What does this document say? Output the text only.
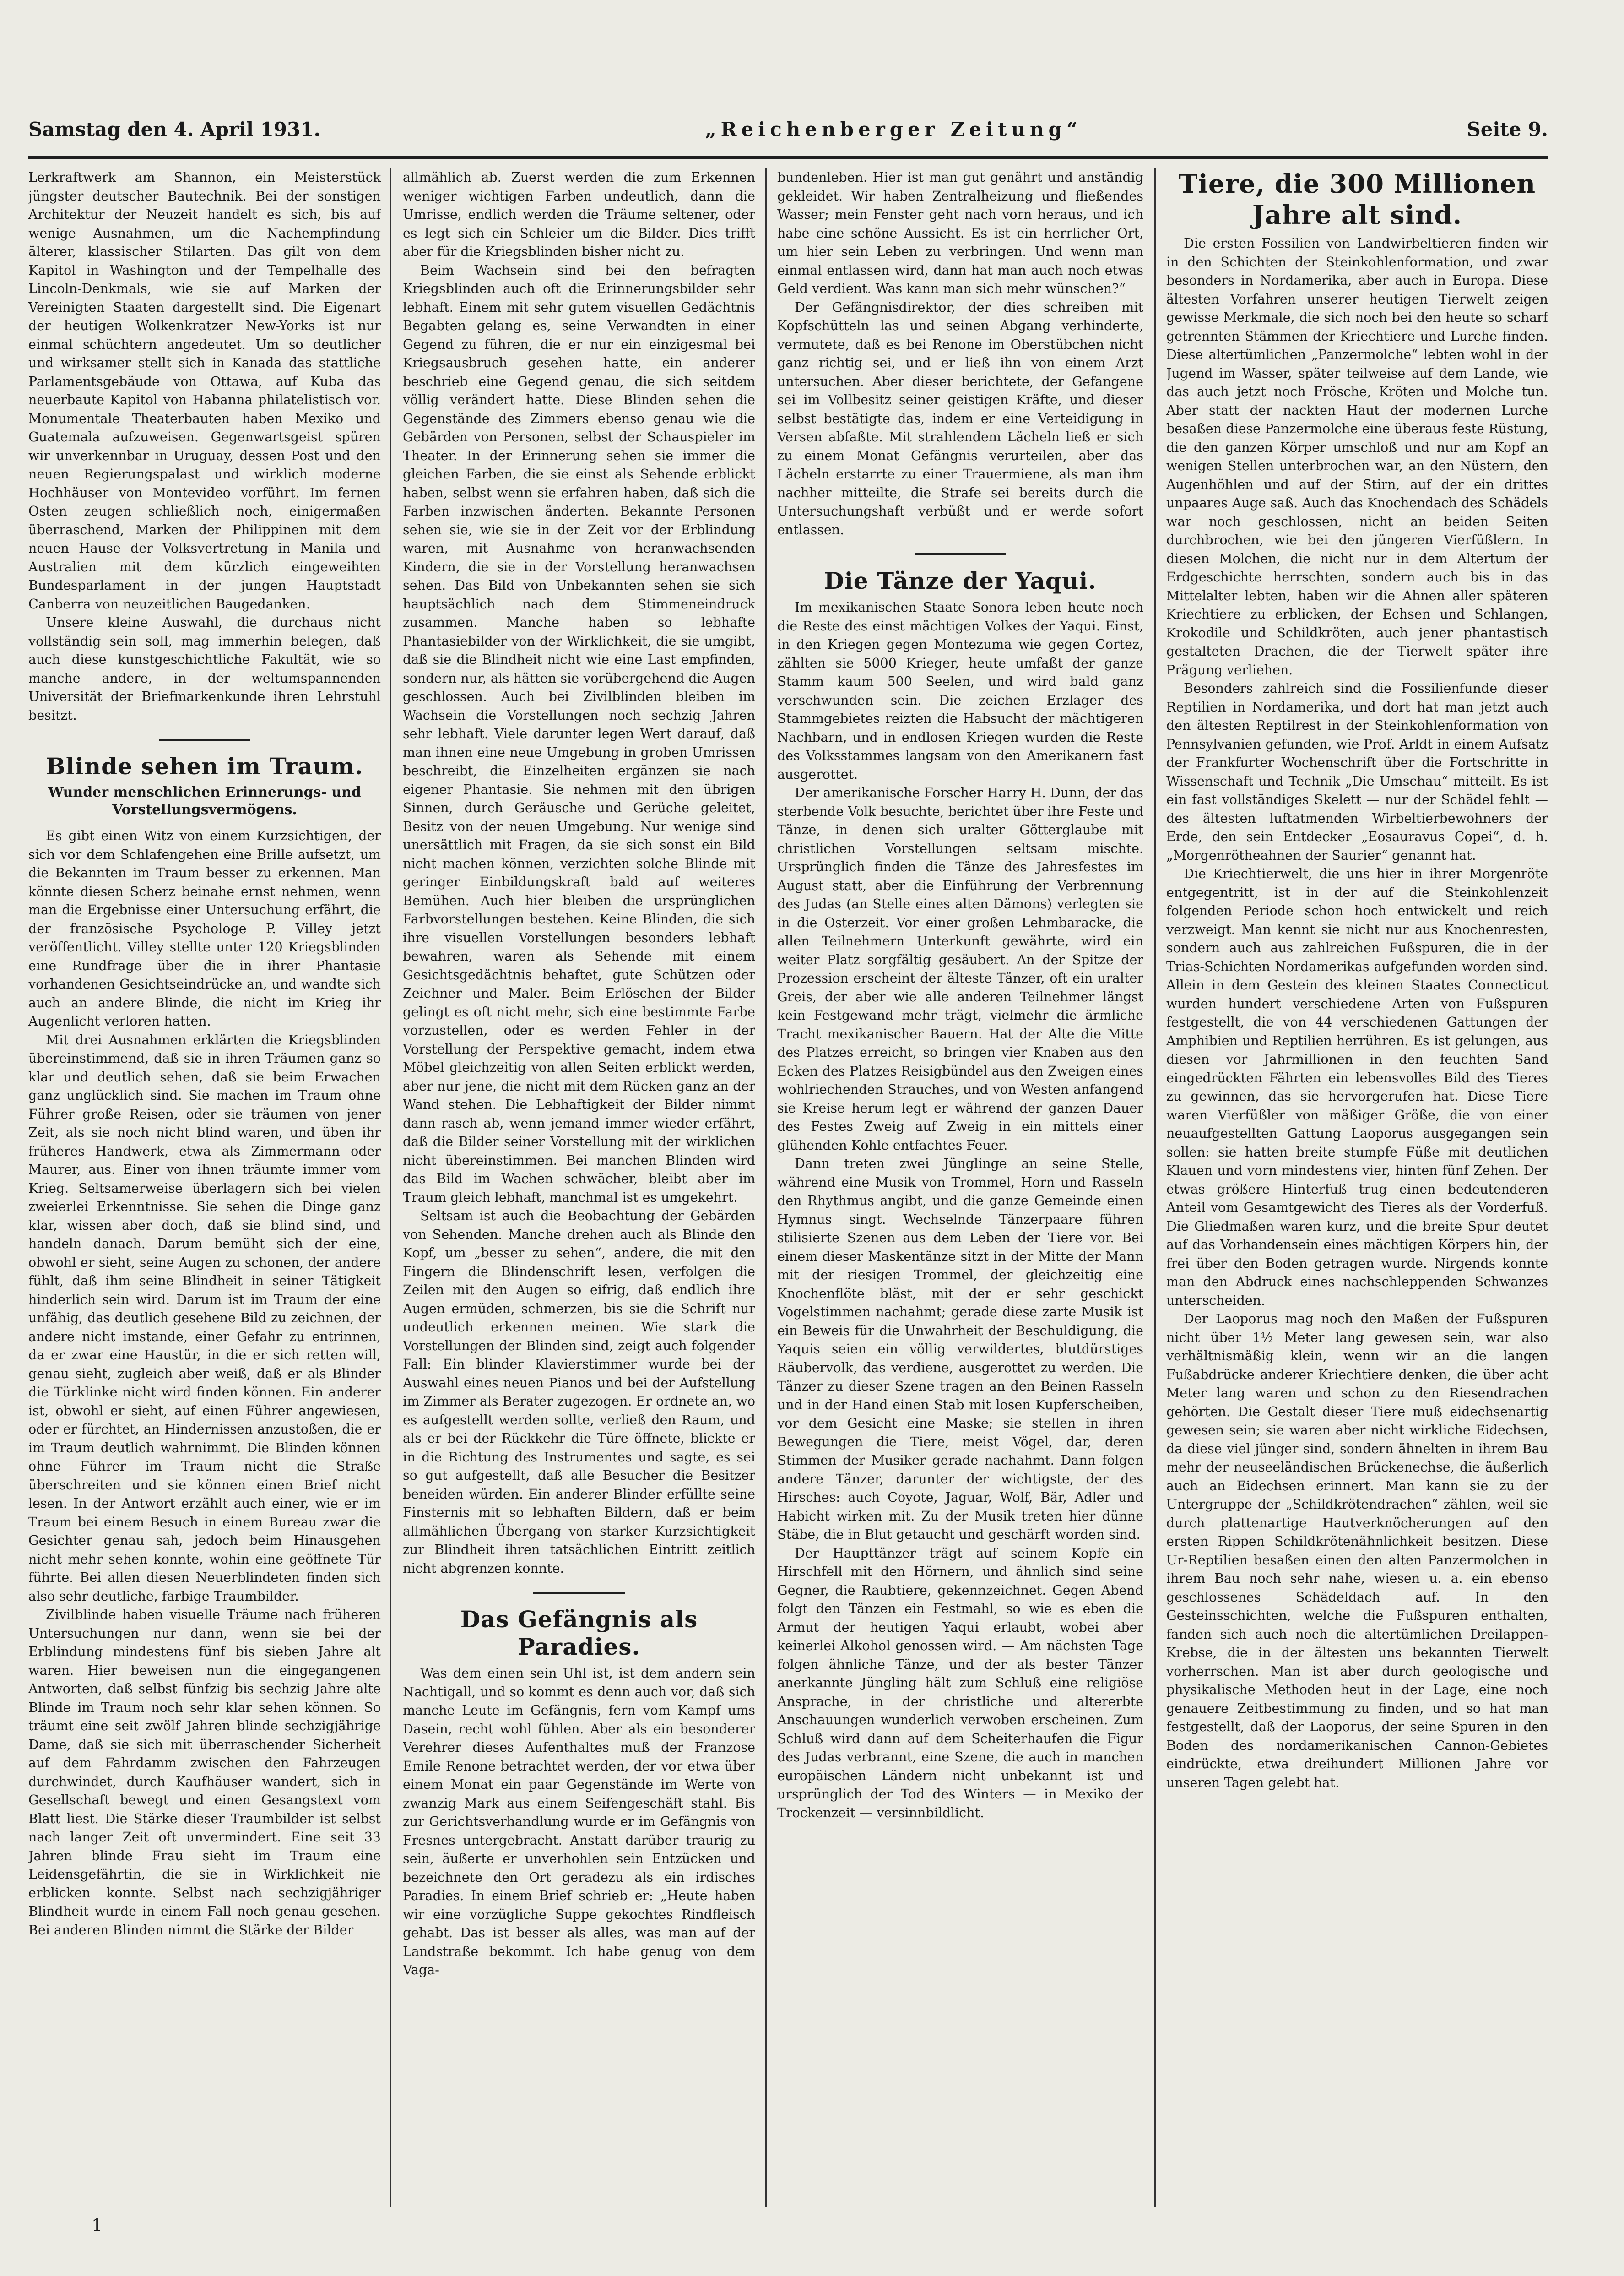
Samstag den 4. April 1931.	„Reichenberger Zeitung“	Seite 9.

Lerkraftwerk am Shannon, ein Meisterstück jüngster deutscher Bautechnik. Bei der sonstigen Architektur der Neuzeit handelt es sich, bis auf wenige Ausnahmen, um die Nachempfindung älterer, klassischer Stilarten. Das gilt von dem Kapitol in Washington und der Tempelhalle des Lincoln-Denkmals, wie sie auf Marken der Vereinigten Staaten dargestellt sind. Die Eigenart der heutigen Wolkenkratzer New-Yorks ist nur einmal schüchtern angedeutet. Um so deutlicher und wirksamer stellt sich in Kanada das stattliche Parlamentsgebäude von Ottawa, auf Kuba das neuerbaute Kapitol von Habanna philatelistisch vor. Monumentale Theaterbauten haben Mexiko und Guatemala aufzuweisen. Gegenwartsgeist spüren wir unverkennbar in Uruguay, dessen Post und den neuen Regierungspalast und wirklich moderne Hochhäuser von Montevideo vorführt. Im fernen Osten zeugen schließlich noch, einigermaßen überraschend, Marken der Philippinen mit dem neuen Hause der Volksvertretung in Manila und Australien mit dem kürzlich eingeweihten Bundesparlament in der jungen Hauptstadt Canberra von neuzeitlichen Baugedanken.

Unsere kleine Auswahl, die durchaus nicht vollständig sein soll, mag immerhin belegen, daß auch diese kunstgeschichtliche Fakultät, wie so manche andere, in der weltumspannenden Universität der Briefmarkenkunde ihren Lehrstuhl besitzt.

Blinde sehen im Traum.
Wunder menschlichen Erinnerungs- und Vorstellungsvermögens.

Es gibt einen Witz von einem Kurzsichtigen, der sich vor dem Schlafengehen eine Brille aufsetzt, um die Bekannten im Traum besser zu erkennen. Man könnte diesen Scherz beinahe ernst nehmen, wenn man die Ergebnisse einer Untersuchung erfährt, die der französische Psychologe P. Villey jetzt veröffentlicht. Villey stellte unter 120 Kriegsblinden eine Rundfrage über die in ihrer Phantasie vorhandenen Gesichtseindrücke an, und wandte sich auch an andere Blinde, die nicht im Krieg ihr Augenlicht verloren hatten.

Mit drei Ausnahmen erklärten die Kriegsblinden übereinstimmend, daß sie in ihren Träumen ganz so klar und deutlich sehen, daß sie beim Erwachen ganz unglücklich sind. Sie machen im Traum ohne Führer große Reisen, oder sie träumen von jener Zeit, als sie noch nicht blind waren, und üben ihr früheres Handwerk, etwa als Zimmermann oder Maurer, aus. Einer von ihnen träumte immer vom Krieg. Seltsamerweise überlagern sich bei vielen zweierlei Erkenntnisse. Sie sehen die Dinge ganz klar, wissen aber doch, daß sie blind sind, und handeln danach. Darum bemüht sich der eine, obwohl er sieht, seine Augen zu schonen, der andere fühlt, daß ihm seine Blindheit in seiner Tätigkeit hinderlich sein wird. Darum ist im Traum der eine unfähig, das deutlich gesehene Bild zu zeichnen, der andere nicht imstande, einer Gefahr zu entrinnen, da er zwar eine Haustür, in die er sich retten will, genau sieht, zugleich aber weiß, daß er als Blinder die Türklinke nicht wird finden können. Ein anderer ist, obwohl er sieht, auf einen Führer angewiesen, oder er fürchtet, an Hindernissen anzustoßen, die er im Traum deutlich wahrnimmt. Die Blinden können ohne Führer im Traum nicht die Straße überschreiten und sie können einen Brief nicht lesen. In der Antwort erzählt auch einer, wie er im Traum bei einem Besuch in einem Bureau zwar die Gesichter genau sah, jedoch beim Hinausgehen nicht mehr sehen konnte, wohin eine geöffnete Tür führte. Bei allen diesen Neuerblindeten finden sich also sehr deutliche, farbige Traumbilder.

Zivilblinde haben visuelle Träume nach früheren Untersuchungen nur dann, wenn sie bei der Erblindung mindestens fünf bis sieben Jahre alt waren. Hier beweisen nun die eingegangenen Antworten, daß selbst fünfzig bis sechzig Jahre alte Blinde im Traum noch sehr klar sehen können. So träumt eine seit zwölf Jahren blinde sechzigjährige Dame, daß sie sich mit überraschender Sicherheit auf dem Fahrdamm zwischen den Fahrzeugen durchwindet, durch Kaufhäuser wandert, sich in Gesellschaft bewegt und einen Gesangstext vom Blatt liest. Die Stärke dieser Traumbilder ist selbst nach langer Zeit oft unvermindert. Eine seit 33 Jahren blinde Frau sieht im Traum eine Leidensgefährtin, die sie in Wirklichkeit nie erblicken konnte. Selbst nach sechzigjähriger Blindheit wurde in einem Fall noch genau gesehen. Bei anderen Blinden nimmt die Stärke der Bilder

allmählich ab. Zuerst werden die zum Erkennen weniger wichtigen Farben undeutlich, dann die Umrisse, endlich werden die Träume seltener, oder es legt sich ein Schleier um die Bilder. Dies trifft aber für die Kriegsblinden bisher nicht zu.

Beim Wachsein sind bei den befragten Kriegsblinden auch oft die Erinnerungsbilder sehr lebhaft. Einem mit sehr gutem visuellen Gedächtnis Begabten gelang es, seine Verwandten in einer Gegend zu führen, die er nur ein einzigesmal bei Kriegsausbruch gesehen hatte, ein anderer beschrieb eine Gegend genau, die sich seitdem völlig verändert hatte. Diese Blinden sehen die Gegenstände des Zimmers ebenso genau wie die Gebärden von Personen, selbst der Schauspieler im Theater. In der Erinnerung sehen sie immer die gleichen Farben, die sie einst als Sehende erblickt haben, selbst wenn sie erfahren haben, daß sich die Farben inzwischen änderten. Bekannte Personen sehen sie, wie sie in der Zeit vor der Erblindung waren, mit Ausnahme von heranwachsenden Kindern, die sie in der Vorstellung heranwachsen sehen. Das Bild von Unbekannten sehen sie sich hauptsächlich nach dem Stimmeneindruck zusammen. Manche haben so lebhafte Phantasiebilder von der Wirklichkeit, die sie umgibt, daß sie die Blindheit nicht wie eine Last empfinden, sondern nur, als hätten sie vorübergehend die Augen geschlossen. Auch bei Zivilblinden bleiben im Wachsein die Vorstellungen noch sechzig Jahren sehr lebhaft. Viele darunter legen Wert darauf, daß man ihnen eine neue Umgebung in groben Umrissen beschreibt, die Einzelheiten ergänzen sie nach eigener Phantasie. Sie nehmen mit den übrigen Sinnen, durch Geräusche und Gerüche geleitet, Besitz von der neuen Umgebung. Nur wenige sind unersättlich mit Fragen, da sie sich sonst ein Bild nicht machen können, verzichten solche Blinde mit geringer Einbildungskraft bald auf weiteres Bemühen. Auch hier bleiben die ursprünglichen Farbvorstellungen bestehen. Keine Blinden, die sich ihre visuellen Vorstellungen besonders lebhaft bewahren, waren als Sehende mit einem Gesichtsgedächtnis behaftet, gute Schützen oder Zeichner und Maler. Beim Erlöschen der Bilder gelingt es oft nicht mehr, sich eine bestimmte Farbe vorzustellen, oder es werden Fehler in der Vorstellung der Perspektive gemacht, indem etwa Möbel gleichzeitig von allen Seiten erblickt werden, aber nur jene, die nicht mit dem Rücken ganz an der Wand stehen. Die Lebhaftigkeit der Bilder nimmt dann rasch ab, wenn jemand immer wieder erfährt, daß die Bilder seiner Vorstellung mit der wirklichen nicht übereinstimmen. Bei manchen Blinden wird das Bild im Wachen schwächer, bleibt aber im Traum gleich lebhaft, manchmal ist es umgekehrt.

Seltsam ist auch die Beobachtung der Gebärden von Sehenden. Manche drehen auch als Blinde den Kopf, um „besser zu sehen“, andere, die mit den Fingern die Blindenschrift lesen, verfolgen die Zeilen mit den Augen so eifrig, daß endlich ihre Augen ermüden, schmerzen, bis sie die Schrift nur undeutlich erkennen meinen. Wie stark die Vorstellungen der Blinden sind, zeigt auch folgender Fall: Ein blinder Klavierstimmer wurde bei der Auswahl eines neuen Pianos und bei der Aufstellung im Zimmer als Berater zugezogen. Er ordnete an, wo es aufgestellt werden sollte, verließ den Raum, und als er bei der Rückkehr die Türe öffnete, blickte er in die Richtung des Instrumentes und sagte, es sei so gut aufgestellt, daß alle Besucher die Besitzer beneiden würden. Ein anderer Blinder erfüllte seine Finsternis mit so lebhaften Bildern, daß er beim allmählichen Übergang von starker Kurzsichtigkeit zur Blindheit ihren tatsächlichen Eintritt zeitlich nicht abgrenzen konnte.

Das Gefängnis als Paradies.

Was dem einen sein Uhl ist, ist dem andern sein Nachtigall, und so kommt es denn auch vor, daß sich manche Leute im Gefängnis, fern vom Kampf ums Dasein, recht wohl fühlen. Aber als ein besonderer Verehrer dieses Aufenthaltes muß der Franzose Emile Renone betrachtet werden, der vor etwa über einem Monat ein paar Gegenstände im Werte von zwanzig Mark aus einem Seifengeschäft stahl. Bis zur Gerichtsverhandlung wurde er im Gefängnis von Fresnes untergebracht. Anstatt darüber traurig zu sein, äußerte er unverhohlen sein Entzücken und bezeichnete den Ort geradezu als ein irdisches Paradies. In einem Brief schrieb er: „Heute haben wir eine vorzügliche Suppe gekochtes Rindfleisch gehabt. Das ist besser als alles, was man auf der Landstraße bekommt. Ich habe genug von dem Vaga-

bundenleben. Hier ist man gut genährt und anständig gekleidet. Wir haben Zentralheizung und fließendes Wasser; mein Fenster geht nach vorn heraus, und ich habe eine schöne Aussicht. Es ist ein herrlicher Ort, um hier sein Leben zu verbringen. Und wenn man einmal entlassen wird, dann hat man auch noch etwas Geld verdient. Was kann man sich mehr wünschen?“

Der Gefängnisdirektor, der dies schreiben mit Kopfschütteln las und seinen Abgang verhinderte, vermutete, daß es bei Renone im Oberstübchen nicht ganz richtig sei, und er ließ ihn von einem Arzt untersuchen. Aber dieser berichtete, der Gefangene sei im Vollbesitz seiner geistigen Kräfte, und dieser selbst bestätigte das, indem er eine Verteidigung in Versen abfaßte. Mit strahlendem Lächeln ließ er sich zu einem Monat Gefängnis verurteilen, aber das Lächeln erstarrte zu einer Trauermiene, als man ihm nachher mitteilte, die Strafe sei bereits durch die Untersuchungshaft verbüßt und er werde sofort entlassen.

Die Tänze der Yaqui.

Im mexikanischen Staate Sonora leben heute noch die Reste des einst mächtigen Volkes der Yaqui. Einst, in den Kriegen gegen Montezuma wie gegen Cortez, zählten sie 5000 Krieger, heute umfaßt der ganze Stamm kaum 500 Seelen, und wird bald ganz verschwunden sein. Die zeichen Erzlager des Stammgebietes reizten die Habsucht der mächtigeren Nachbarn, und in endlosen Kriegen wurden die Reste des Volksstammes langsam von den Amerikanern fast ausgerottet.

Der amerikanische Forscher Harry H. Dunn, der das sterbende Volk besuchte, berichtet über ihre Feste und Tänze, in denen sich uralter Götterglaube mit christlichen Vorstellungen seltsam mischte. Ursprünglich finden die Tänze des Jahresfestes im August statt, aber die Einführung der Verbrennung des Judas (an Stelle eines alten Dämons) verlegten sie in die Osterzeit. Vor einer großen Lehmbaracke, die allen Teilnehmern Unterkunft gewährte, wird ein weiter Platz sorgfältig gesäubert. An der Spitze der Prozession erscheint der älteste Tänzer, oft ein uralter Greis, der aber wie alle anderen Teilnehmer längst kein Festgewand mehr trägt, vielmehr die ärmliche Tracht mexikanischer Bauern. Hat der Alte die Mitte des Platzes erreicht, so bringen vier Knaben aus den Ecken des Platzes Reisigbündel aus den Zweigen eines wohlriechenden Strauches, und von Westen anfangend sie Kreise herum legt er während der ganzen Dauer des Festes Zweig auf Zweig in ein mittels einer glühenden Kohle entfachtes Feuer.

Dann treten zwei Jünglinge an seine Stelle, während eine Musik von Trommel, Horn und Rasseln den Rhythmus angibt, und die ganze Gemeinde einen Hymnus singt. Wechselnde Tänzerpaare führen stilisierte Szenen aus dem Leben der Tiere vor. Bei einem dieser Maskentänze sitzt in der Mitte der Mann mit der riesigen Trommel, der gleichzeitig eine Knochenflöte bläst, mit der er sehr geschickt Vogelstimmen nachahmt; gerade diese zarte Musik ist ein Beweis für die Unwahrheit der Beschuldigung, die Yaquis seien ein völlig verwildertes, blutdürstiges Räubervolk, das verdiene, ausgerottet zu werden. Die Tänzer zu dieser Szene tragen an den Beinen Rasseln und in der Hand einen Stab mit losen Kupferscheiben, vor dem Gesicht eine Maske; sie stellen in ihren Bewegungen die Tiere, meist Vögel, dar, deren Stimmen der Musiker gerade nachahmt. Dann folgen andere Tänzer, darunter der wichtigste, der des Hirsches: auch Coyote, Jaguar, Wolf, Bär, Adler und Habicht wirken mit. Zu der Musik treten hier dünne Stäbe, die in Blut getaucht und geschärft worden sind.

Der Haupttänzer trägt auf seinem Kopfe ein Hirschfell mit den Hörnern, und ähnlich sind seine Gegner, die Raubtiere, gekennzeichnet. Gegen Abend folgt den Tänzen ein Festmahl, so wie es eben die Armut der heutigen Yaqui erlaubt, wobei aber keinerlei Alkohol genossen wird. — Am nächsten Tage folgen ähnliche Tänze, und der als bester Tänzer anerkannte Jüngling hält zum Schluß eine religiöse Ansprache, in der christliche und altererbte Anschauungen wunderlich verwoben erscheinen. Zum Schluß wird dann auf dem Scheiterhaufen die Figur des Judas verbrannt, eine Szene, die auch in manchen europäischen Ländern nicht unbekannt ist und ursprünglich der Tod des Winters — in Mexiko der Trockenzeit — versinnbildlicht.

Tiere, die 300 Millionen Jahre alt sind.

Die ersten Fossilien von Landwirbeltieren finden wir in den Schichten der Steinkohlenformation, und zwar besonders in Nordamerika, aber auch in Europa. Diese ältesten Vorfahren unserer heutigen Tierwelt zeigen gewisse Merkmale, die sich noch bei den heute so scharf getrennten Stämmen der Kriechtiere und Lurche finden. Diese altertümlichen „Panzermolche“ lebten wohl in der Jugend im Wasser, später teilweise auf dem Lande, wie das auch jetzt noch Frösche, Kröten und Molche tun. Aber statt der nackten Haut der modernen Lurche besaßen diese Panzermolche eine überaus feste Rüstung, die den ganzen Körper umschloß und nur am Kopf an wenigen Stellen unterbrochen war, an den Nüstern, den Augenhöhlen und auf der Stirn, auf der ein drittes unpaares Auge saß. Auch das Knochendach des Schädels war noch geschlossen, nicht an beiden Seiten durchbrochen, wie bei den jüngeren Vierfüßlern. In diesen Molchen, die nicht nur in dem Altertum der Erdgeschichte herrschten, sondern auch bis in das Mittelalter lebten, haben wir die Ahnen aller späteren Kriechtiere zu erblicken, der Echsen und Schlangen, Krokodile und Schildkröten, auch jener phantastisch gestalteten Drachen, die der Tierwelt später ihre Prägung verliehen.

Besonders zahlreich sind die Fossilienfunde dieser Reptilien in Nordamerika, und dort hat man jetzt auch den ältesten Reptilrest in der Steinkohlenformation von Pennsylvanien gefunden, wie Prof. Arldt in einem Aufsatz der Frankfurter Wochenschrift über die Fortschritte in Wissenschaft und Technik „Die Umschau“ mitteilt. Es ist ein fast vollständiges Skelett — nur der Schädel fehlt — des ältesten luftatmenden Wirbeltierbewohners der Erde, den sein Entdecker „Eosauravus Copei“, d. h. „Morgenrötheahnen der Saurier“ genannt hat.

Die Kriechtierwelt, die uns hier in ihrer Morgenröte entgegentritt, ist in der auf die Steinkohlenzeit folgenden Periode schon hoch entwickelt und reich verzweigt. Man kennt sie nicht nur aus Knochenresten, sondern auch aus zahlreichen Fußspuren, die in der Trias-Schichten Nordamerikas aufgefunden worden sind. Allein in dem Gestein des kleinen Staates Connecticut wurden hundert verschiedene Arten von Fußspuren festgestellt, die von 44 verschiedenen Gattungen der Amphibien und Reptilien herrühren. Es ist gelungen, aus diesen vor Jahrmillionen in den feuchten Sand eingedrückten Fährten ein lebensvolles Bild des Tieres zu gewinnen, das sie hervorgerufen hat. Diese Tiere waren Vierfüßler von mäßiger Größe, die von einer neuaufgestellten Gattung Laoporus ausgegangen sein sollen: sie hatten breite stumpfe Füße mit deutlichen Klauen und vorn mindestens vier, hinten fünf Zehen. Der etwas größere Hinterfuß trug einen bedeutenderen Anteil vom Gesamtgewicht des Tieres als der Vorderfuß. Die Gliedmaßen waren kurz, und die breite Spur deutet auf das Vorhandensein eines mächtigen Körpers hin, der frei über den Boden getragen wurde. Nirgends konnte man den Abdruck eines nachschleppenden Schwanzes unterscheiden.

Der Laoporus mag noch den Maßen der Fußspuren nicht über 1½ Meter lang gewesen sein, war also verhältnismäßig klein, wenn wir an die langen Fußabdrücke anderer Kriechtiere denken, die über acht Meter lang waren und schon zu den Riesendrachen gehörten. Die Gestalt dieser Tiere muß eidechsenartig gewesen sein; sie waren aber nicht wirkliche Eidechsen, da diese viel jünger sind, sondern ähnelten in ihrem Bau mehr der neuseeländischen Brückenechse, die äußerlich auch an Eidechsen erinnert. Man kann sie zu der Untergruppe der „Schildkrötendrachen“ zählen, weil sie durch plattenartige Hautverknöcherungen auf den ersten Rippen Schildkrötenähnlichkeit besitzen. Diese Ur-Reptilien besaßen einen den alten Panzermolchen in ihrem Bau noch sehr nahe, wiesen u. a. ein ebenso geschlossenes Schädeldach auf. In den Gesteinsschichten, welche die Fußspuren enthalten, fanden sich auch noch die altertümlichen Dreilappen-Krebse, die in der ältesten uns bekannten Tierwelt vorherrschen. Man ist aber durch geologische und physikalische Methoden heut in der Lage, eine noch genauere Zeitbestimmung zu finden, und so hat man festgestellt, daß der Laoporus, der seine Spuren in den Boden des nordamerikanischen Cannon-Gebietes eindrückte, etwa dreihundert Millionen Jahre vor unseren Tagen gelebt hat.

1
